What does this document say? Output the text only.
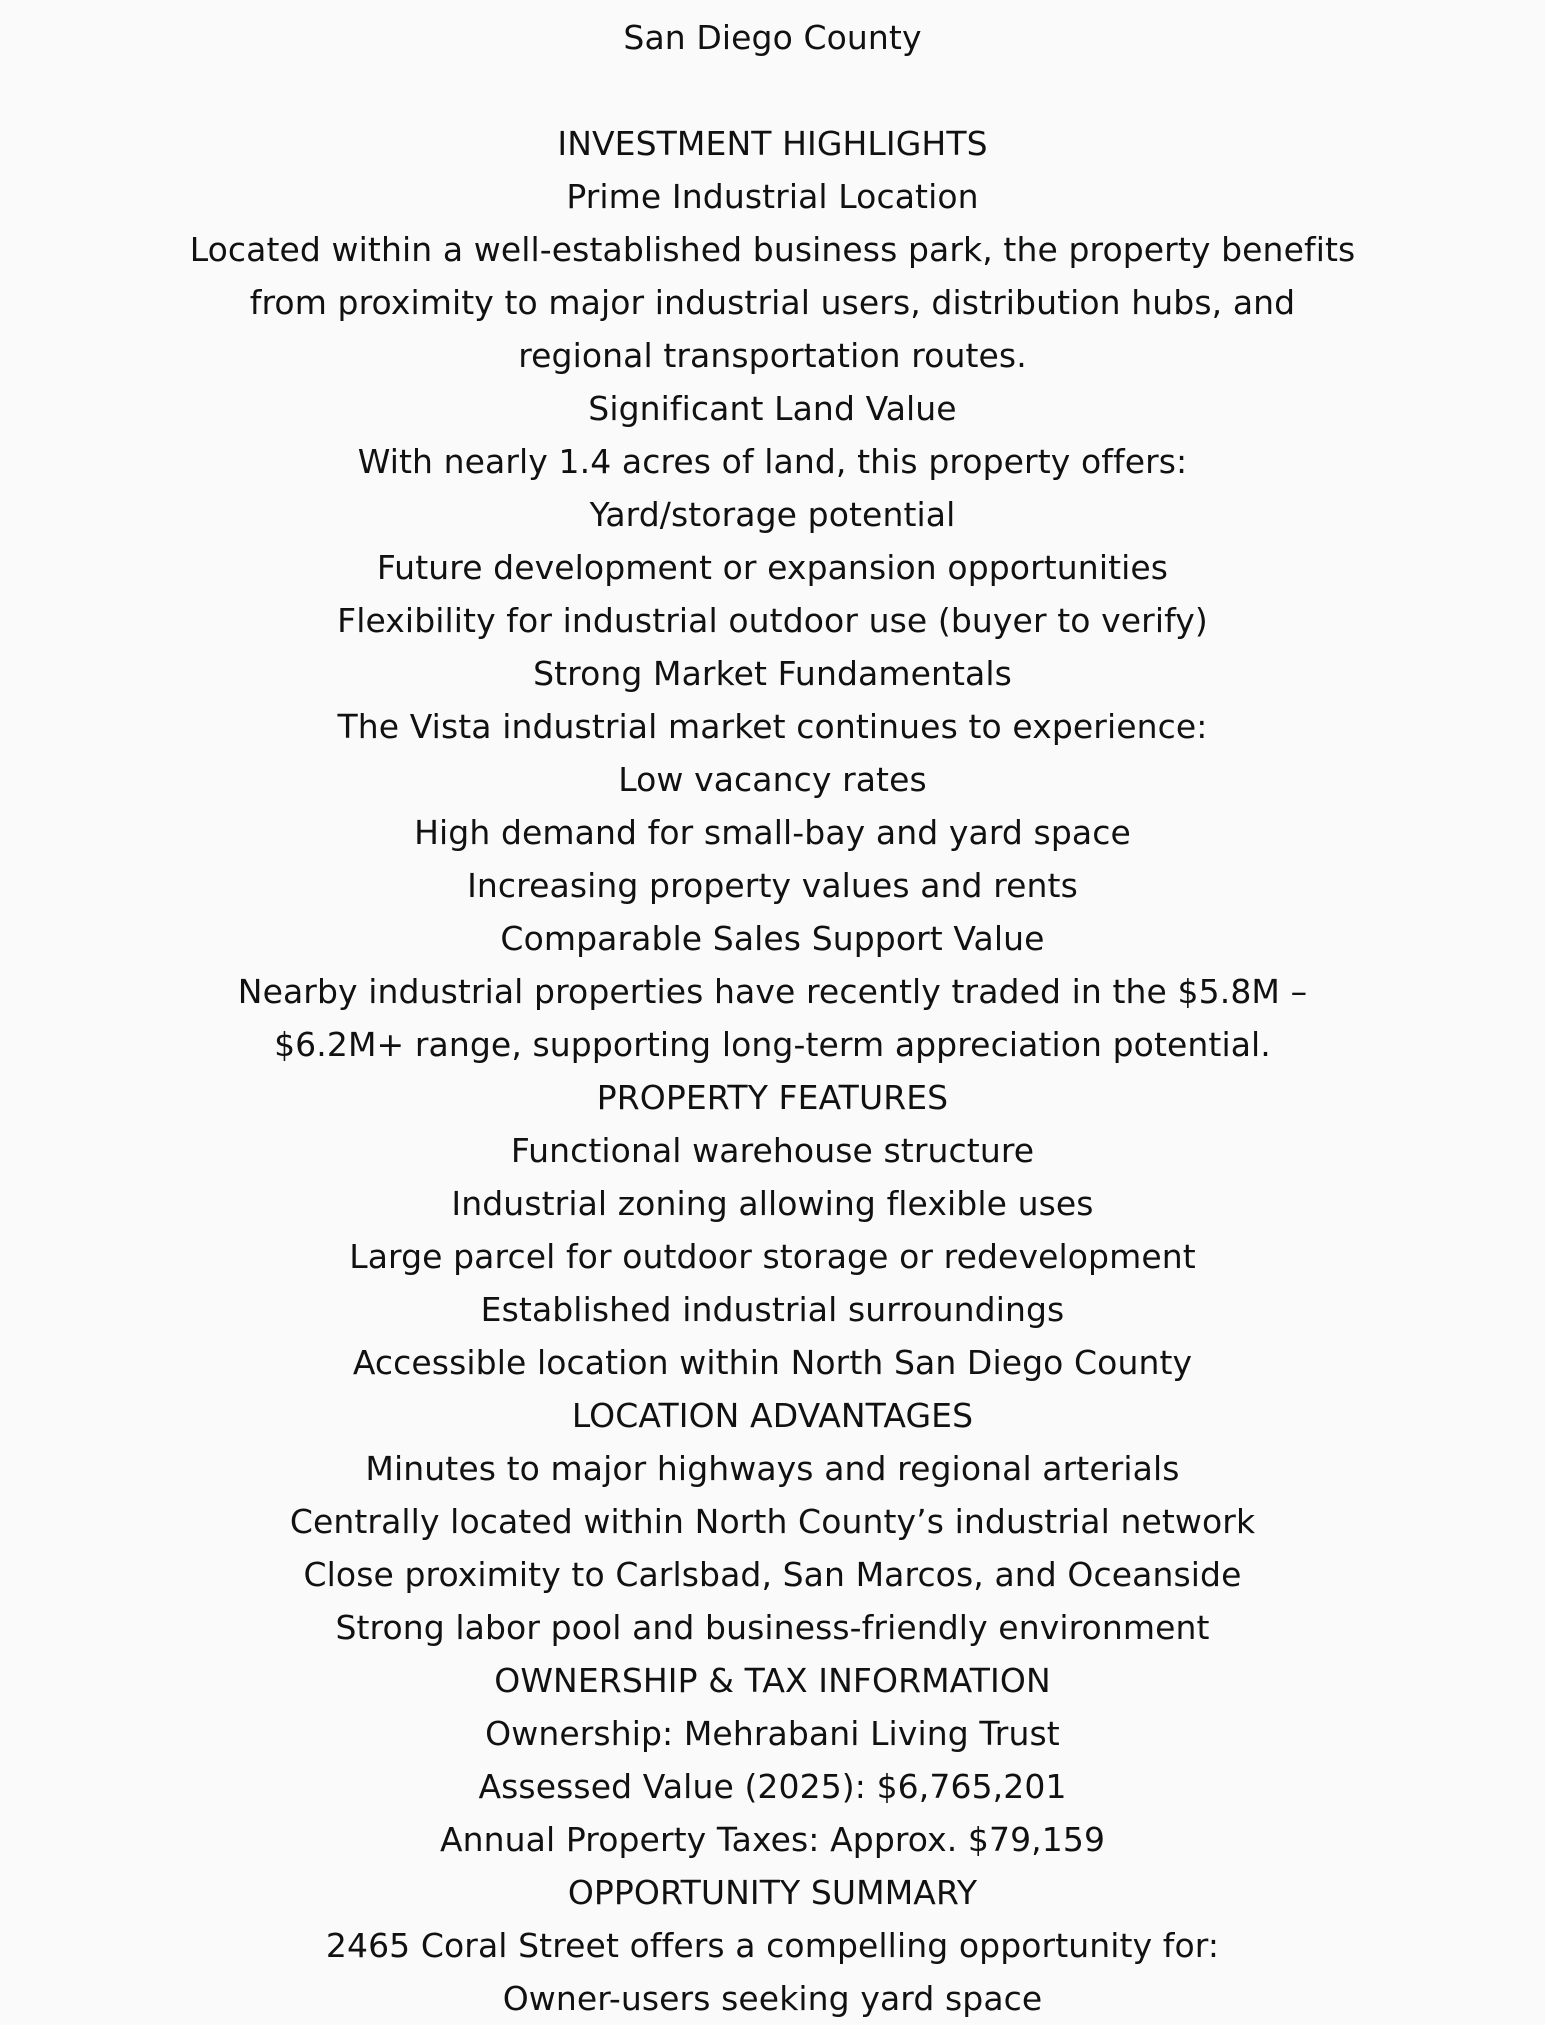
San Diego County

INVESTMENT HIGHLIGHTS

Prime Industrial Location

Located within a well-established business park, the property benefits from proximity to major industrial users, distribution hubs, and regional transportation routes.

Significant Land Value

With nearly 1.4 acres of land, this property offers:

Yard/storage potential

Future development or expansion opportunities

Flexibility for industrial outdoor use (buyer to verify)

Strong Market Fundamentals

The Vista industrial market continues to experience:

Low vacancy rates

High demand for small-bay and yard space

Increasing property values and rents

Comparable Sales Support Value

Nearby industrial properties have recently traded in the $5.8M – $6.2M+ range, supporting long-term appreciation potential.

PROPERTY FEATURES

Functional warehouse structure

Industrial zoning allowing flexible uses

Large parcel for outdoor storage or redevelopment

Established industrial surroundings

Accessible location within North San Diego County

LOCATION ADVANTAGES

Minutes to major highways and regional arterials

Centrally located within North County’s industrial network

Close proximity to Carlsbad, San Marcos, and Oceanside

Strong labor pool and business-friendly environment

OWNERSHIP & TAX INFORMATION

Ownership: Mehrabani Living Trust

Assessed Value (2025): $6,765,201

Annual Property Taxes: Approx. $79,159

OPPORTUNITY SUMMARY

2465 Coral Street offers a compelling opportunity for:

Owner-users seeking yard space
